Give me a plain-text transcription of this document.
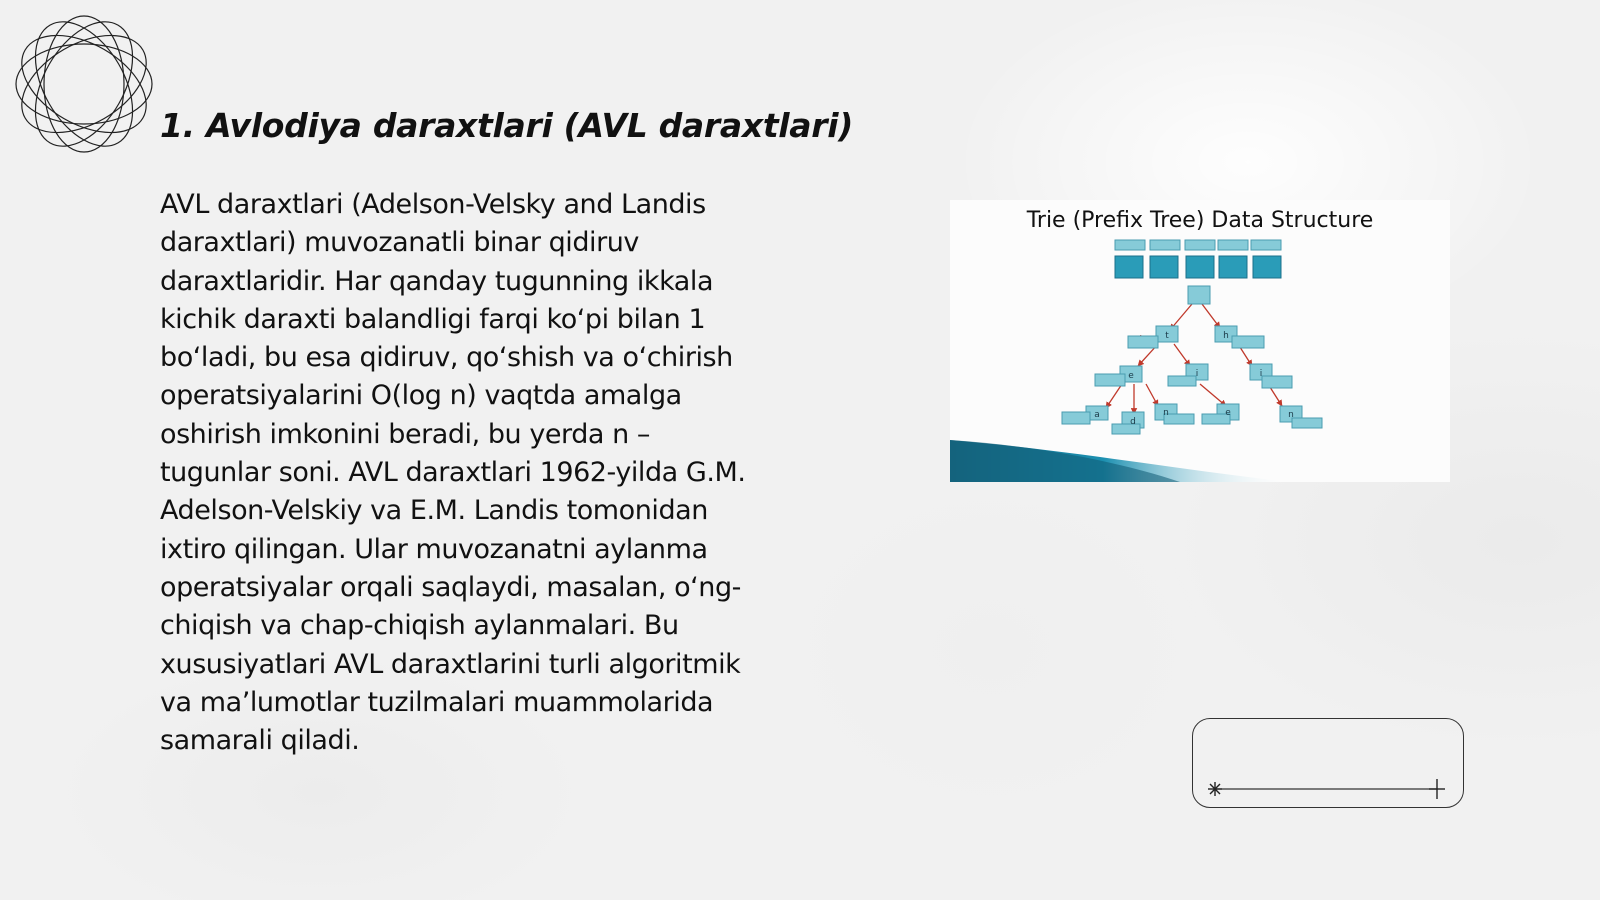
1. Avlodiya daraxtlari (AVL daraxtlari)

AVL daraxtlari (Adelson-Velsky and Landis
daraxtlari) muvozanatli binar qidiruv
daraxtlaridir. Har qanday tugunning ikkala
kichik daraxti balandligi farqi ko‘pi bilan 1
bo‘ladi, bu esa qidiruv, qo‘shish va o‘chirish
operatsiyalarini O(log n) vaqtda amalga
oshirish imkonini beradi, bu yerda n –
tugunlar soni. AVL daraxtlari 1962-yilda G.M.
Adelson-Velskiy va E.M. Landis tomonidan
ixtiro qilingan. Ular muvozanatni aylanma
operatsiyalar orqali saqlaydi, masalan, o‘ng-
chiqish va chap-chiqish aylanmalari. Bu
xususiyatlari AVL daraxtlarini turli algoritmik
va ma’lumotlar tuzilmalari muammolarida
samarali qiladi.

Trie (Prefix Tree) Data Structure
t	h
e	i	i
a
d
n	e	n
